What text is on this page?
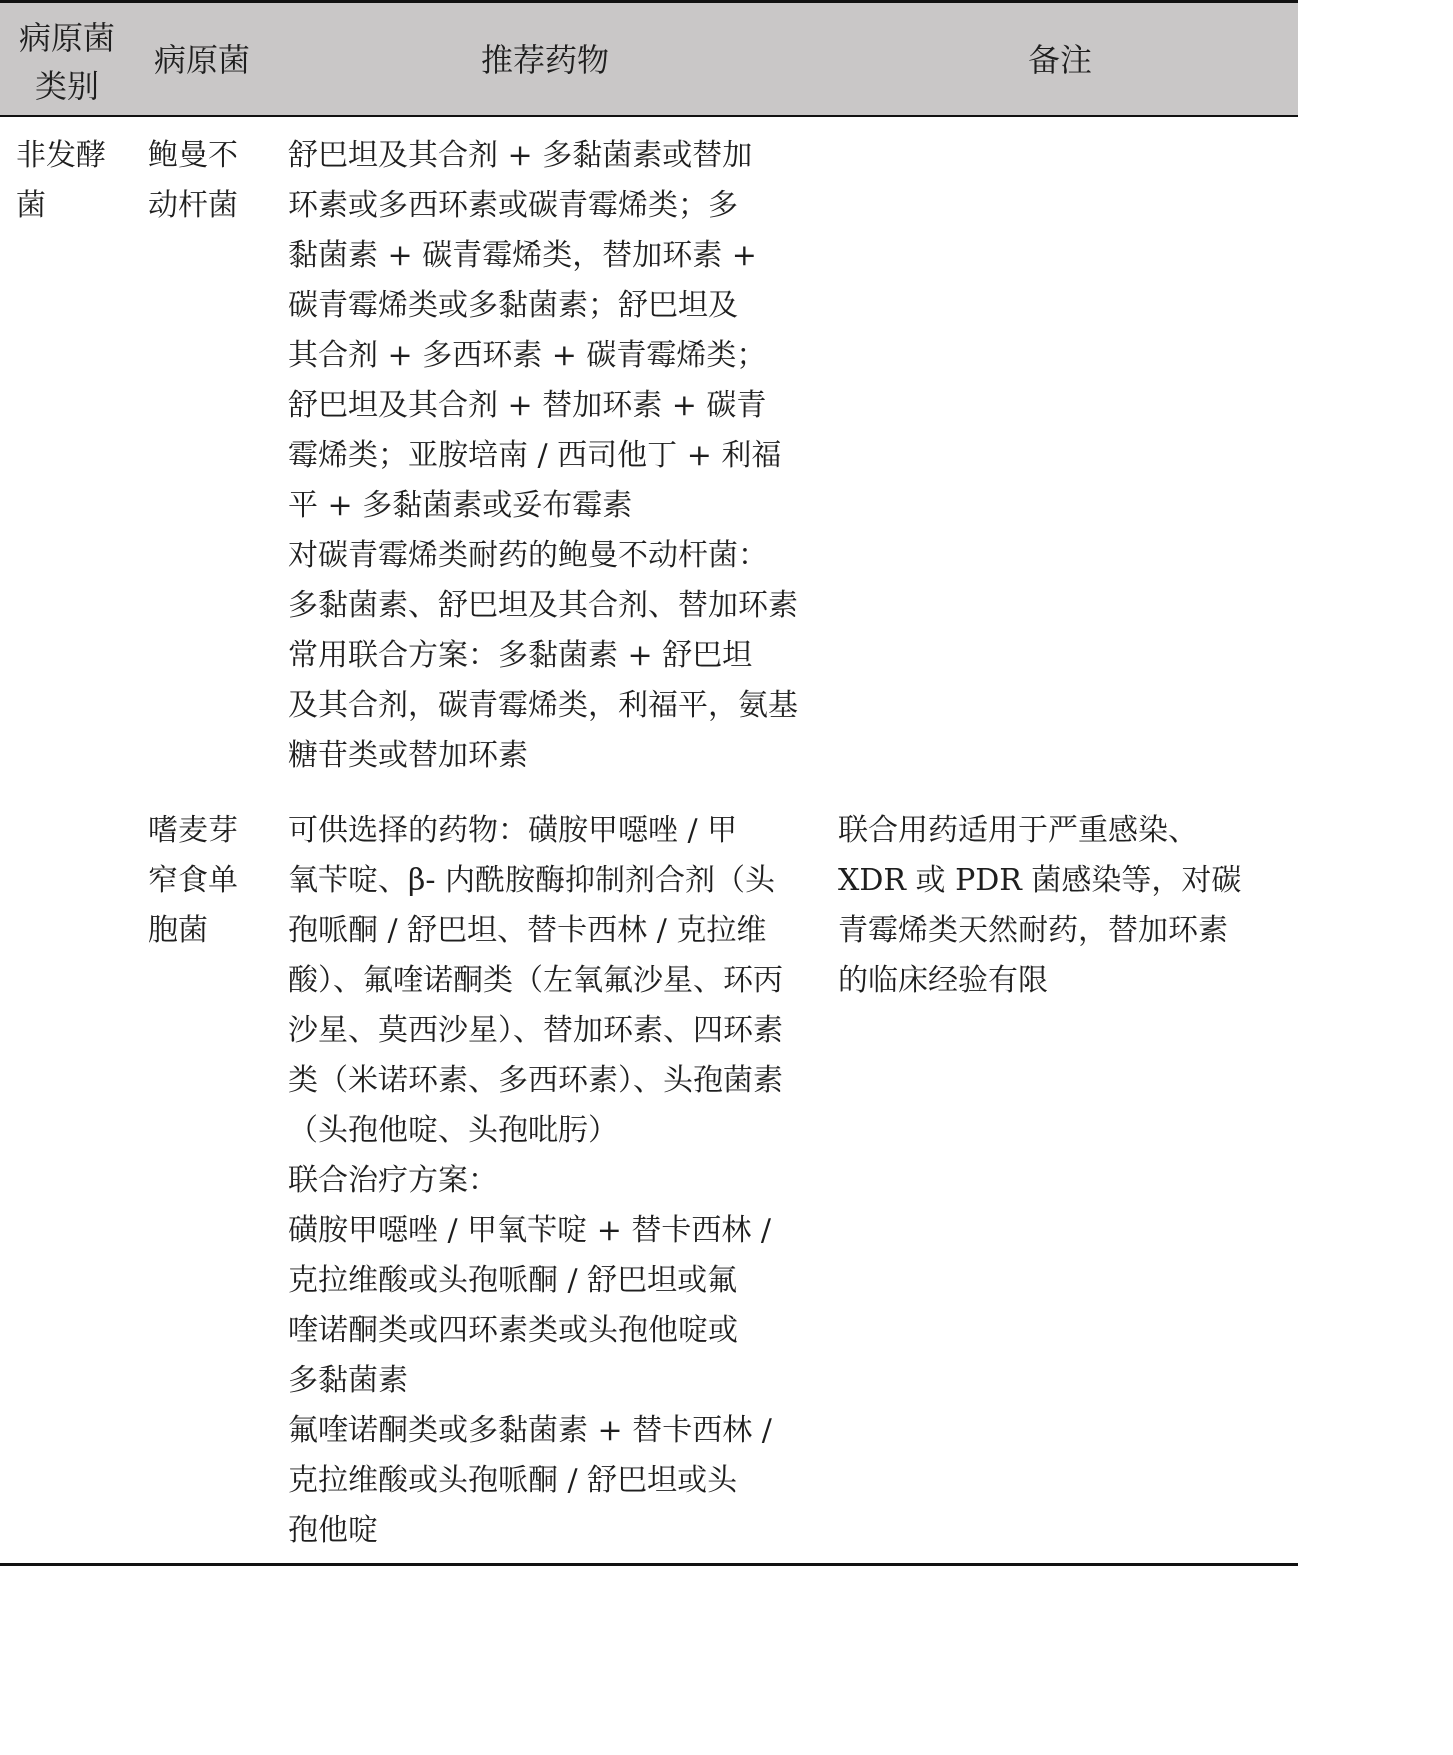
病原菌
类别
病原菌	推荐药物	备注
非发酵
菌
鲍曼不
动杆菌
舒巴坦及其合剂 + 多黏菌素或替加
环素或多西环素或碳青霉烯类；多
黏菌素 + 碳青霉烯类，替加环素 +
碳青霉烯类或多黏菌素；舒巴坦及
其合剂 + 多西环素 + 碳青霉烯类；
舒巴坦及其合剂 + 替加环素 + 碳青
霉烯类；亚胺培南 / 西司他丁 + 利福
平 + 多黏菌素或妥布霉素
对碳青霉烯类耐药的鲍曼不动杆菌：
多黏菌素、舒巴坦及其合剂、替加环素
常用联合方案：多黏菌素 + 舒巴坦
及其合剂，碳青霉烯类，利福平，氨基
糖苷类或替加环素
嗜麦芽
窄食单
胞菌
可供选择的药物：磺胺甲噁唑 / 甲
氧苄啶、β- 内酰胺酶抑制剂合剂（头
孢哌酮 / 舒巴坦、替卡西林 / 克拉维
酸）、氟喹诺酮类（左氧氟沙星、环丙
沙星、莫西沙星）、替加环素、四环素
类（米诺环素、多西环素）、头孢菌素
（头孢他啶、头孢吡肟）
联合治疗方案：
磺胺甲噁唑 / 甲氧苄啶 + 替卡西林 /
克拉维酸或头孢哌酮 / 舒巴坦或氟
喹诺酮类或四环素类或头孢他啶或
多黏菌素
氟喹诺酮类或多黏菌素 + 替卡西林 /
克拉维酸或头孢哌酮 / 舒巴坦或头
孢他啶
联合用药适用于严重感染、
XDR 或 PDR 菌感染等，对碳
青霉烯类天然耐药，替加环素
的临床经验有限
